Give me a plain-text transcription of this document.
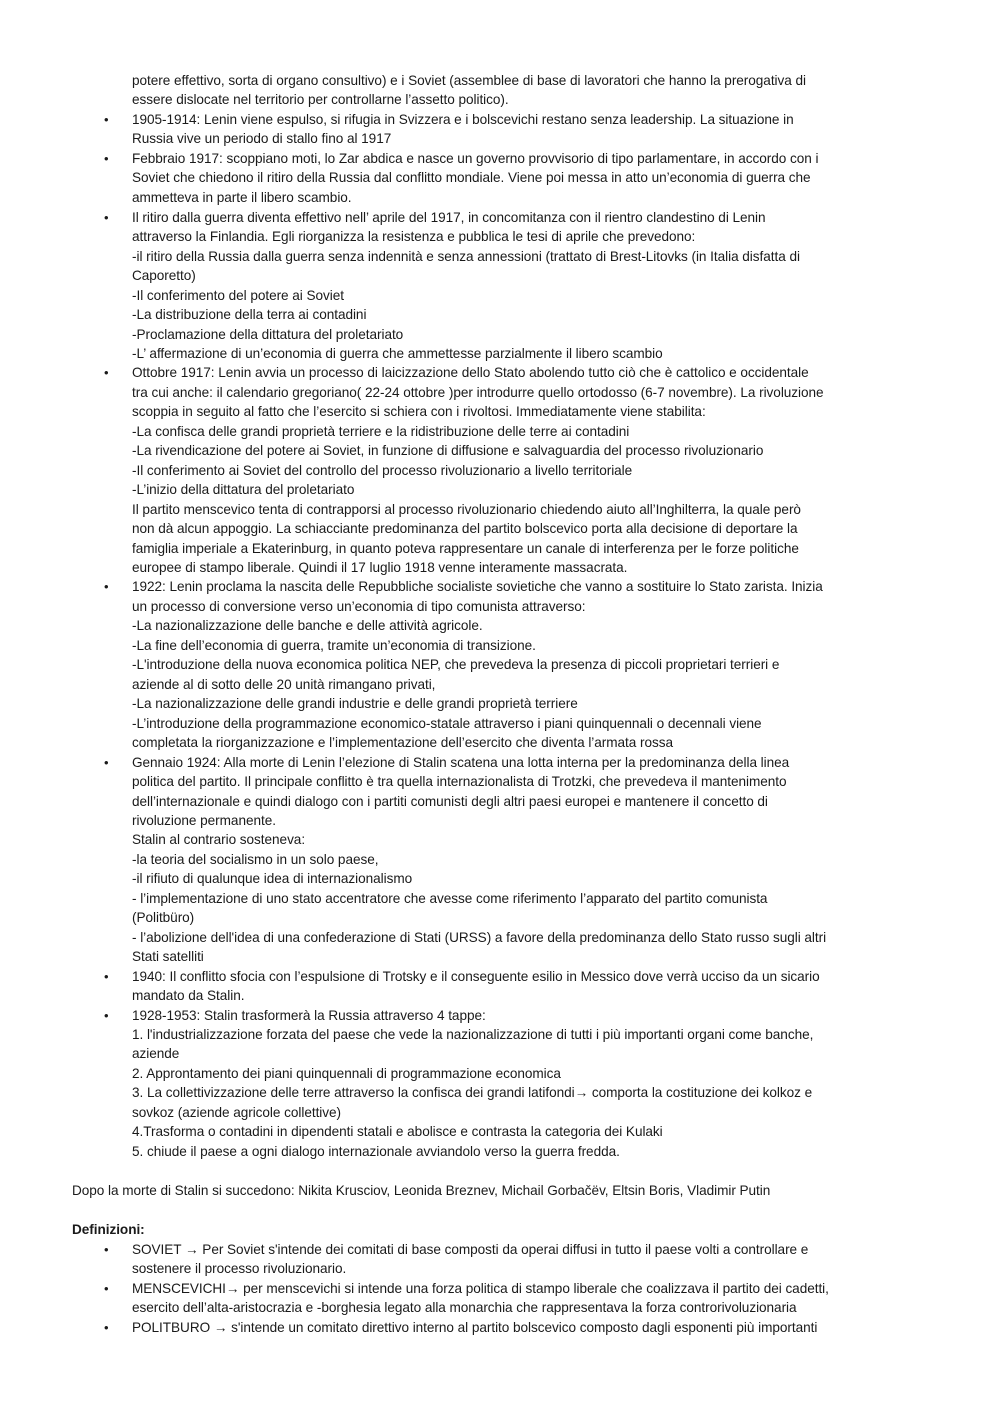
•
•
•
•
•
•
•
•
•
•
•
potere effettivo, sorta di organo consultivo) e i Soviet (assemblee di base di lavoratori che hanno la prerogativa di
essere dislocate nel territorio per controllarne l’assetto politico).
1905-1914: Lenin viene espulso, si rifugia in Svizzera e i bolscevichi restano senza leadership. La situazione in
Russia vive un periodo di stallo fino al 1917
Febbraio 1917: scoppiano moti, lo Zar abdica e nasce un governo provvisorio di tipo parlamentare, in accordo con i
Soviet che chiedono il ritiro della Russia dal conflitto mondiale. Viene poi messa in atto un’economia di guerra che
ammetteva in parte il libero scambio.
Il ritiro dalla guerra diventa effettivo nell’ aprile del 1917, in concomitanza con il rientro clandestino di Lenin
attraverso la Finlandia. Egli riorganizza la resistenza e pubblica le tesi di aprile che prevedono:
-il ritiro della Russia dalla guerra senza indennità e senza annessioni (trattato di Brest-Litovks (in Italia disfatta di
Caporetto)
-Il conferimento del potere ai Soviet
-La distribuzione della terra ai contadini
-Proclamazione della dittatura del proletariato
-L’ affermazione di un’economia di guerra che ammettesse parzialmente il libero scambio
Ottobre 1917: Lenin avvia un processo di laicizzazione dello Stato abolendo tutto ciò che è cattolico e occidentale
tra cui anche: il calendario gregoriano( 22-24 ottobre )per introdurre quello ortodosso (6-7 novembre). La rivoluzione
scoppia in seguito al fatto che l’esercito si schiera con i rivoltosi. Immediatamente viene stabilita:
-La confisca delle grandi proprietà terriere e la ridistribuzione delle terre ai contadini
-La rivendicazione del potere ai Soviet, in funzione di diffusione e salvaguardia del processo rivoluzionario
-Il conferimento ai Soviet del controllo del processo rivoluzionario a livello territoriale
-L’inizio della dittatura del proletariato
Il partito menscevico tenta di contrapporsi al processo rivoluzionario chiedendo aiuto all’Inghilterra, la quale però
non dà alcun appoggio. La schiacciante predominanza del partito bolscevico porta alla decisione di deportare la
famiglia imperiale a Ekaterinburg, in quanto poteva rappresentare un canale di interferenza per le forze politiche
europee di stampo liberale. Quindi il 17 luglio 1918 venne interamente massacrata.
1922: Lenin proclama la nascita delle Repubbliche socialiste sovietiche che vanno a sostituire lo Stato zarista. Inizia
un processo di conversione verso un’economia di tipo comunista attraverso:
-La nazionalizzazione delle banche e delle attività agricole.
-La fine dell’economia di guerra, tramite un’economia di transizione.
-L'introduzione della nuova economica politica NEP, che prevedeva la presenza di piccoli proprietari terrieri e
aziende al di sotto delle 20 unità rimangano privati,
-La nazionalizzazione delle grandi industrie e delle grandi proprietà terriere
-L’introduzione della programmazione economico-statale attraverso i piani quinquennali o decennali viene
completata la riorganizzazione e l’implementazione dell’esercito che diventa l’armata rossa
Gennaio 1924: Alla morte di Lenin l’elezione di Stalin scatena una lotta interna per la predominanza della linea
politica del partito. Il principale conflitto è tra quella internazionalista di Trotzki, che prevedeva il mantenimento
dell’internazionale e quindi dialogo con i partiti comunisti degli altri paesi europei e mantenere il concetto di
rivoluzione permanente.
Stalin al contrario sosteneva:
-la teoria del socialismo in un solo paese,
-il rifiuto di qualunque idea di internazionalismo
- l’implementazione di uno stato accentratore che avesse come riferimento l’apparato del partito comunista
(Politbüro)
- l’abolizione dell'idea di una confederazione di Stati (URSS) a favore della predominanza dello Stato russo sugli altri
Stati satelliti
1940: Il conflitto sfocia con l’espulsione di Trotsky e il conseguente esilio in Messico dove verrà ucciso da un sicario
mandato da Stalin.
1928-1953: Stalin trasformerà la Russia attraverso 4 tappe:
1. l'industrializzazione forzata del paese che vede la nazionalizzazione di tutti i più importanti organi come banche,
aziende
2. Approntamento dei piani quinquennali di programmazione economica
3. La collettivizzazione delle terre attraverso la confisca dei grandi latifondi→ comporta la costituzione dei kolkoz e
sovkoz (aziende agricole collettive)
4.Trasforma o contadini in dipendenti statali e abolisce e contrasta la categoria dei Kulaki
5. chiude il paese a ogni dialogo internazionale avviandolo verso la guerra fredda.
Dopo la morte di Stalin si succedono: Nikita Krusciov, Leonida Breznev, Michail Gorbačëv, Eltsin Boris, Vladimir Putin
Definizioni:
SOVIET → Per Soviet s'intende dei comitati di base composti da operai diffusi in tutto il paese volti a controllare e
sostenere il processo rivoluzionario.
MENSCEVICHI→ per menscevichi si intende una forza politica di stampo liberale che coalizzava il partito dei cadetti,
esercito dell’alta-aristocrazia e -borghesia legato alla monarchia che rappresentava la forza controrivoluzionaria
POLITBURO → s'intende un comitato direttivo interno al partito bolscevico composto dagli esponenti più importanti
